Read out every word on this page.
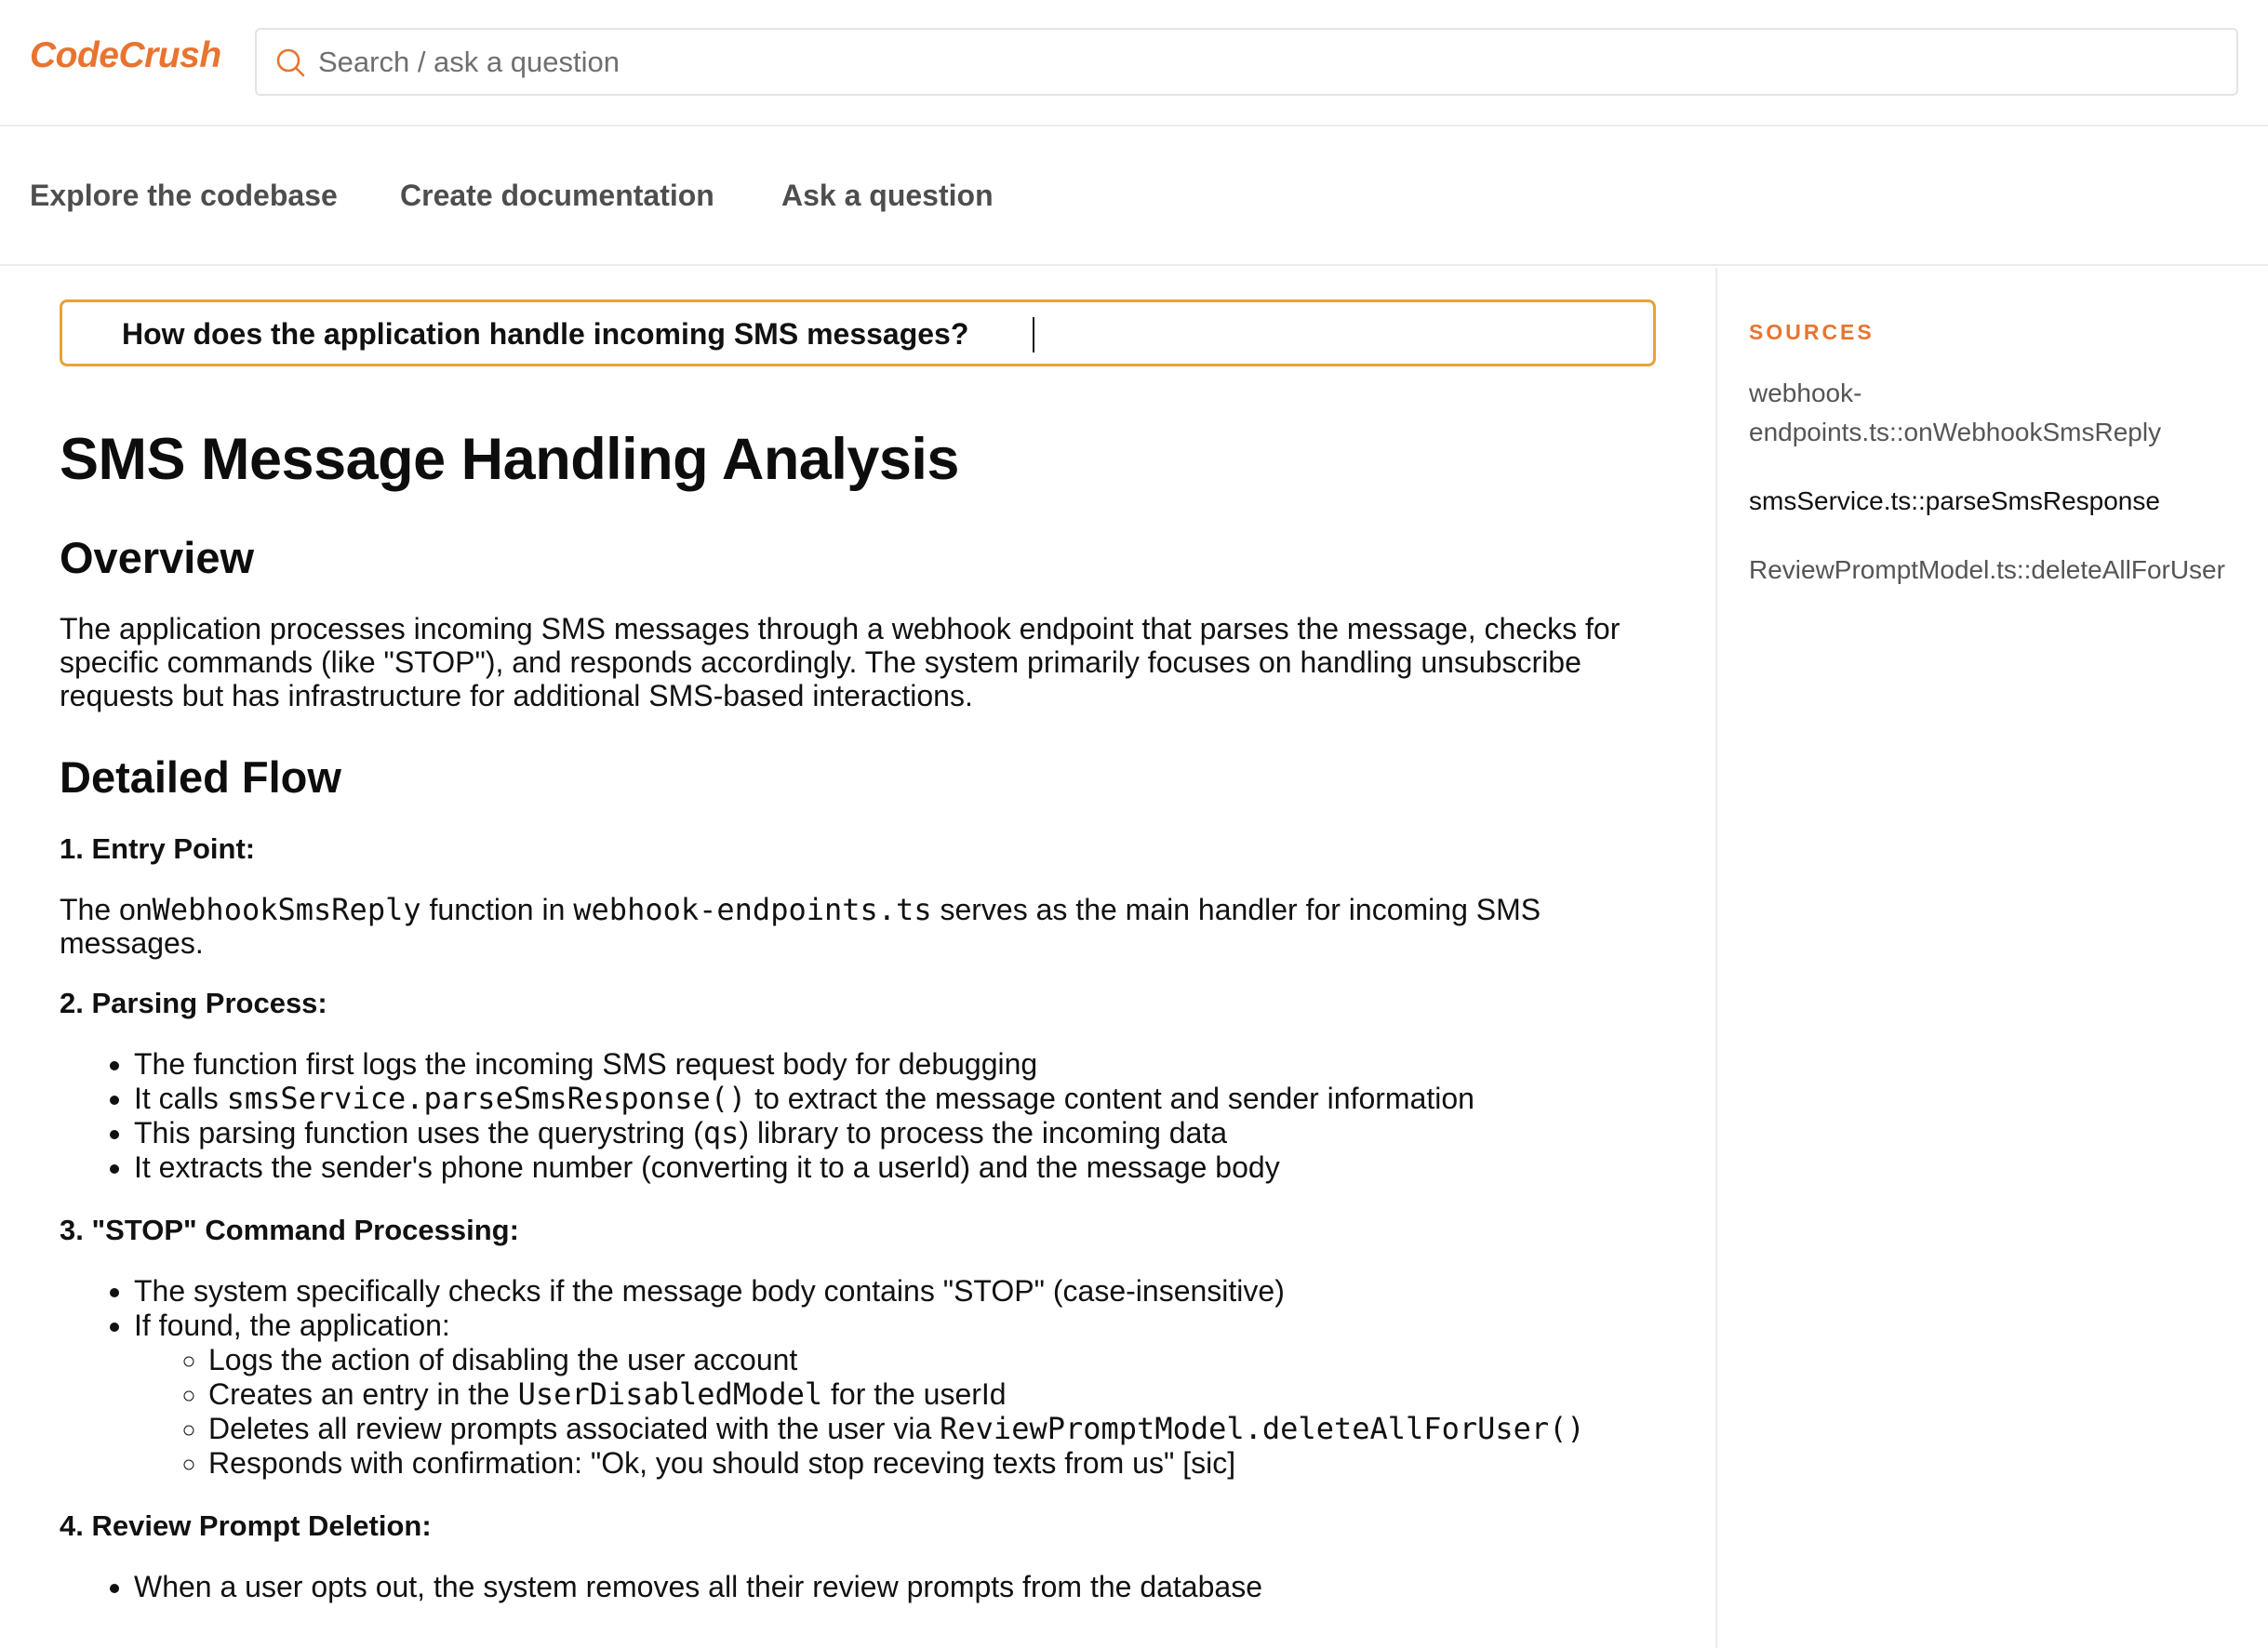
CodeCrush
Search / ask a question
Explore the codebase Create documentation Ask a question
How does the application handle incoming SMS messages?
SMS Message Handling Analysis
Overview

The application processes incoming SMS messages through a webhook endpoint that parses the message, checks for specific commands (like "STOP"), and responds accordingly. The system primarily focuses on handling unsubscribe requests but has infrastructure for additional SMS-based interactions.

Detailed Flow
1. Entry Point:

The onWebhookSmsReply function in webhook-endpoints.ts serves as the main handler for incoming SMS messages.

2. Parsing Process:
• The function first logs the incoming SMS request body for debugging
• It calls smsService.parseSmsResponse() to extract the message content and sender information
• This parsing function uses the querystring (qs) library to process the incoming data
• It extracts the sender's phone number (converting it to a userId) and the message body
3. "STOP" Command Processing:
• The system specifically checks if the message body contains "STOP" (case-insensitive)
• If found, the application:
◦ Logs the action of disabling the user account
◦ Creates an entry in the UserDisabledModel for the userId
◦ Deletes all review prompts associated with the user via ReviewPromptModel.deleteAllForUser()
◦ Responds with confirmation: "Ok, you should stop receving texts from us" [sic]
4. Review Prompt Deletion:
• When a user opts out, the system removes all their review prompts from the database
SOURCES
webhook-endpoints.ts::onWebhookSmsReply
smsService.ts::parseSmsResponse
ReviewPromptModel.ts::deleteAllForUser
